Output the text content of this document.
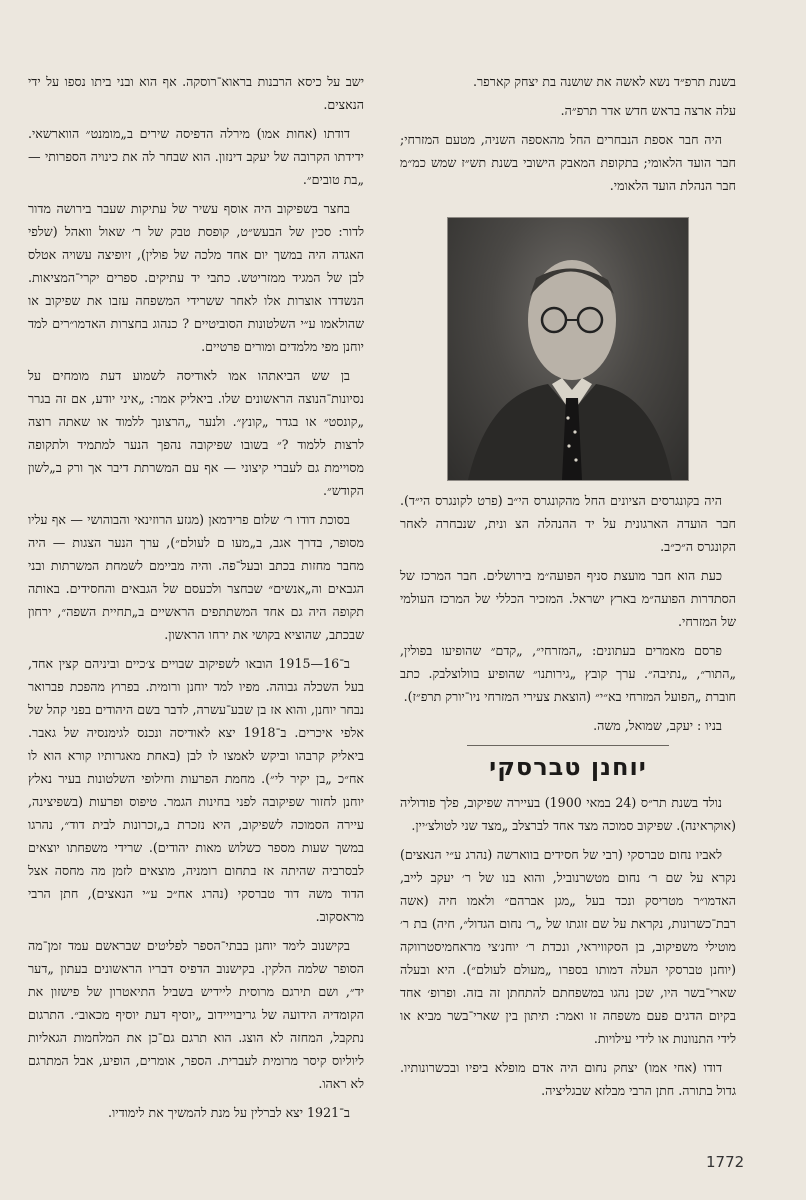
בשנת תרפ״ד נשא לאשה את שושנה בת יצחק קארפר.

עלה ארצה בראש חדש אדר תרפ״ה.

היה חבר אספת הנבחרים החל מהאספה השניה, מטעם המזרחי; חבר הועד הלאומי; בתקופת המאבק הישובי בשנת תש״ז שמש כמ״מ חבר הנהלת הועד הלאומי.

היה בקונגרסים הציונים החל מהקונגרס הי״ב (פרט לקונגרס הי״ד). חבר הועדה הארגונית על יד ההנהלה הצ ונית, שנבחרה לאחר הקונגרס ה״כ״ב.

כעת הוא חבר מועצת סניף הפועה״מ בירושלים. חבר המרכז של הסתדרות הפועה״מ בארץ ישראל. המזכיר הכללי של המרכז העולמי של המזרחי.

פרסם מאמרים בעתונים: „המזרחי״, „קדם״ שהופיעו בפולין, „התור״, „נתיבה״. ערך קובץ „גירותנו״ שהופיע בוולוצלבק. כתב חוברת „הפועל המזרחי בא״י״ (הוצאת צעירי המזרחי ניו־יורק תרפ״ז).

בניו : יעקב, שמואל, משה.

יוחנן טברסקי

נולד בשנת תר״ס (24 במאי 1900) בעיירה שפיקוב, פלך פודוליה (אוקראינה). שפיקוב סמוכה מצד אחד לברצלב „מצד שני לטולצ׳יין.

לאביו נחום טברסקי (רבי של חסידים בווארשה (נהרג ע״י הנאצים) נקרא על שם ר׳ נחום מטשרנוביל, והוא בנו של ר׳ יעקב לייב, האדמו״ר מטריסק ונכד בעל „מגן אברהם״ ולאמו חיה (אשה רבת־כשרונות, נקראת על שם זוגתו של „ר׳ נחום הגדול״, חיה) בת ר׳ מוטילי משפיקוב, בן הסקוויראי, ונכדת ר׳ יוחנ׳צי מראחמיסטרווקה (יוחנן טברסקי העלה דמותו בספרו „מעולם לעולם״). היא ובעלה שארי־בשר היו, שכן נהגו במשפחתם להתחתן זה בזה. ופרופ׳ אחד בקיום הדגים פעם משפחה זו ואמר: תיתון בין שארי־בשר מביא או לידי התנוונות או לידי עילויות.

דודו (אחי אמו) יצחק נחום היה אדם מופלא ביפיו ובכשרונותיו. גדול בתורה. חתן הרבי מבלזא שבגליציה.

ישב על כיסא הרבנות בראוא־רוסקה. אף הוא ובני ביתו נספו על ידי הנאצים.

דודתו (אחות אמו) מירלה הדפיסה שירים ב„מומנט״ הווארשאי. ידידתו הקרובה של יעקב דינזון. הוא שבחר לה את כינויה הספרותי — „בת טובים״.

בחצר בשפיקוב היה אוסף עשיר של עתיקות שעבר בירושה מדור לדור: סכין של הבעש״ט, קופסת טבק של ר׳ שאול וואהל (שלפי האגדה היה במשך יום אחד מלכה של פולין), זיופיצה עשויה אטלס לבן של המגיד ממזריטש. כתבי יד עתיקים. ספרים יקרי־המציאות. הנשדדו אוצרות אלו לאחר ששרידי המשפחה עזבו את שפיקוב או שהולאמו ע״י השלטונות הסוביטיים ? כנהוג בחצרות האדמו״רים למד יוחנן מפי מלמדים ומורים פרטיים.

בן שש הביאתהו אמו לאודיסה לשמוע דעת מומחים על נסיונות־הנוצה הראשונים שלו. ביאליק אמר: „איני יודע, אם זה בגרר „קונסט״ או בגדר „קונץ״. ולנער „הרצונך ללמוד או שאתה רוצה לרצות ללמוד ?״ בשובו שפיקובה נהפך הנער למתמיד ולתקופה מסויימת גם לעברי קיצוני — אף עם המשרתת דיבר אך ורק ב„לשון הקודש״.

בסוכת דודו ר׳ שלום פרידמאן (מגזע הרוזינאי והבוהושי — אף עליו מסופר, בדרך אגב, ב„מעו ם לעולם״), ערך הנער הצגות — היה מחבר מחזות בכתב ובעל־פה. והיה מביימם לשמחת המשרתות ובני הגבאים וה„אנשים״ שבחצר ולכעסם של הגבאים והחסידים. באותה תקופה היה גם אחד המשתתפים הראשיים ב„תחיית השפה״, ירחון שבכתב, שהוציא בקושי את ירחו הראשון.

ב־16—1915 הובאו לשפיקוב שבויים צ׳כיים וביניהם קצין אחד, בעל השכלה גבוהה. מפיו למד יוחנן ורומית. בפרוץ מהפכת פברואר נבחר יוחנן, והוא אז בן שבע־עשרה, לדבר בשם היהודים בפני קהל של אלפי איכרים. ב־1918 יצא לאודיסה ונכנס לגימנסיה של גאבר. ביאליק קרבהו וביקש לאמצו לו לבן (באחת מאגרותיו קורא הוא לו אח״כ „בן יקיר לי״). מחמת הפרעות וחילופי השלטונות בעיר נאלץ יוחנן לחזור שפיקובה לפני בחינות הגמר. טיפוס ופרעות (בשפיצינה, עיירה הסמוכה לשפיקוב, היא נזכרת ב„זכרונות לבית דוד״, נהרגו במשך שעות מספר כשלוש מאות יהודים). שרידי משפחתו יוצאים לבסרביה שהיתה אז בתחום רומניה, מוצאים לזמן מה מחסה אצל הדוד משה דוד טברסקי (נהרג אח״כ ע״י הנאצים), חתן הרבי מראסקוב.

בקישנוב לימד יוחנן בבתי־הספר לפליטים שבראשם עמד זמן־מה הסופר שלמה הלקין. בקישנוב הדפיס דבריו הראשונים בעתון „דער יד״, ושם תירגם מרוסית ליידיש בשביל התיאטרון של פישזון את הקומדיה הידועה של גריבוייידוב „יוסיף דעת יוסיף מכאוב״. התרגום נתקבל, המחזה לא הוצג. הוא תרגם גם־כן את המלחמות הגאליות ליוליוס קיסר מרומית לעברית. הספר, אומרים, הופיע, אבל המתרגם לא ראהו.

ב־1921 יצא לברלין על מנת להמשיך את לימודיו.

1772
